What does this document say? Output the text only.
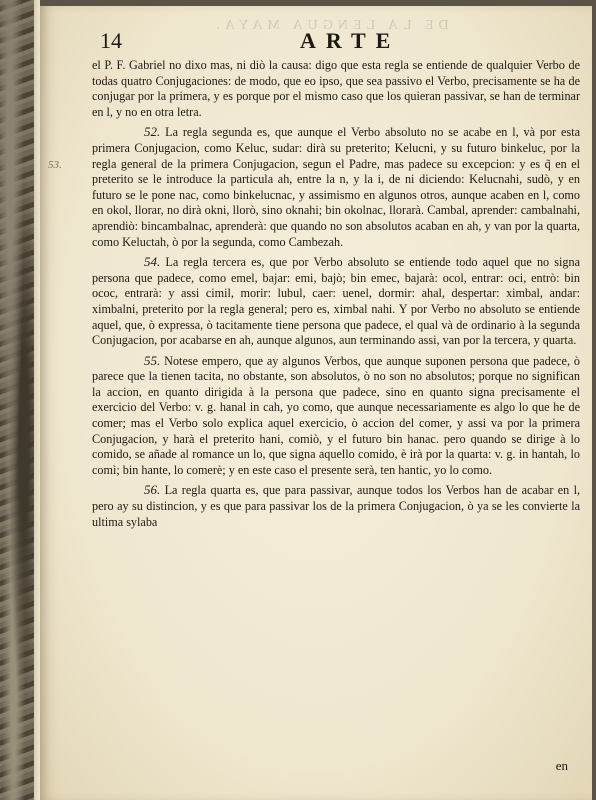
DE LA LENGUA MAYA.
14	ARTE
53.

el P. F. Gabriel no dixo mas, ni diò la causa: digo que esta regla se entiende de qualquier Verbo de todas quatro Conjugaciones: de modo, que eo ipso, que sea passivo el Verbo, precisamente se ha de conjugar por la primera, y es porque por el mismo caso que los quieran passivar, se han de terminar en l, y no en otra letra.

52. La regla segunda es, que aunque el Verbo absoluto no se acabe en l, và por esta primera Conjugacion, como Keluc, sudar: dirà su preterito; Kelucni, y su futuro binkeluc, por la regla general de la primera Conjugacion, segun el Padre, mas padece su excepcion: y es q̃ en el preterito se le introduce la particula ah, entre la n, y la i, de ni diciendo: Kelucnahi, sudò, y en futuro se le pone nac, como binkelucnac, y assimismo en algunos otros, aunque acaben en l, como en okol, llorar, no dirà okni, llorò, sino oknahi; bin okolnac, llorarà. Cambal, aprender: cambalnahi, aprendiò: bincambalnac, aprenderà: que quando no son absolutos acaban en ah, y van por la quarta, como Keluctah, ò por la segunda, como Cambezah.

54. La regla tercera es, que por Verbo absoluto se entiende todo aquel que no signa persona que padece, como emel, bajar: emi, bajò; bin emec, bajarà: ocol, entrar: oci, entrò: bin ococ, entrarà: y assi cimil, morir: lubul, caer: uenel, dormir: ahal, despertar: ximbal, andar: ximbalni, preterito por la regla general; pero es, ximbal nahi. Y por Verbo no absoluto se entiende aquel, que, ò expressa, ò tacitamente tiene persona que padece, el qual và de ordinario à la segunda Conjugacion, por acabarse en ah, aunque algunos, aun terminando assi, van por la tercera, y quarta.

55. Notese empero, que ay algunos Verbos, que aunque suponen persona que padece, ò parece que la tienen tacita, no obstante, son absolutos, ò no son no absolutos; porque no significan la accion, en quanto dirigida à la persona que padece, sino en quanto signa precisamente el exercicio del Verbo: v. g. hanal in cah, yo como, que aunque necessariamente es algo lo que he de comer; mas el Verbo solo explica aquel exercicio, ò accion del comer, y assi va por la primera Conjugacion, y harà el preterito hani, comiò, y el futuro bin hanac. pero quando se dirige à lo comido, se añade al romance un lo, que signa aquello comido, è irà por la quarta: v. g. in hantah, lo comì; bin hante, lo comerè; y en este caso el presente serà, ten hantic, yo lo como.

56. La regla quarta es, que para passivar, aunque todos los Verbos han de acabar en l, pero ay su distincion, y es que para passivar los de la primera Conjugacion, ò ya se les convierte la ultima sylaba

en
